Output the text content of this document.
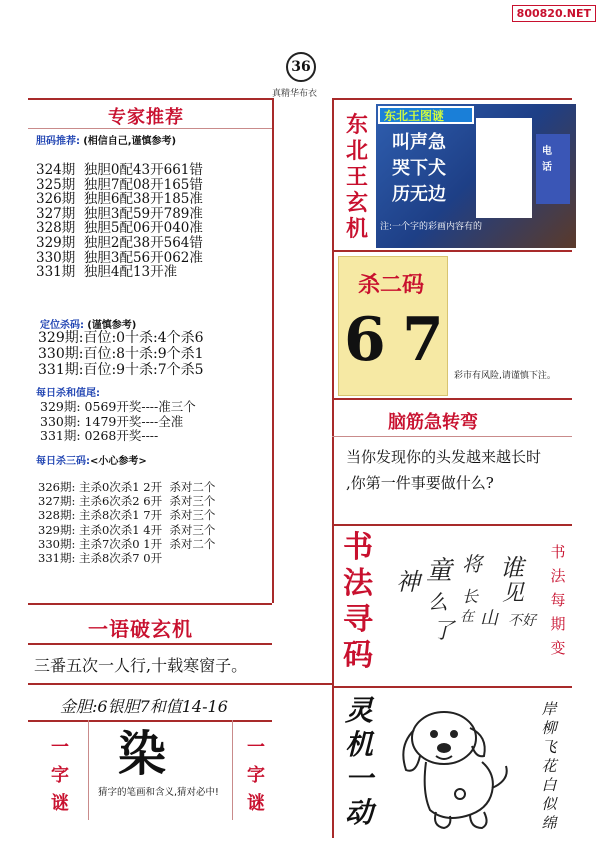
800820.NET
36
真精华布衣
专家推荐
胆码推荐: (相信自己,谨慎参考)
324期  独胆0配43开661错
325期  独胆7配08开165错
326期  独胆6配38开185准
327期  独胆3配59开789准
328期  独胆5配06开040准
329期  独胆2配38开564错
330期  独胆3配56开062准
331期  独胆4配13开准
定位杀码: (谨慎参考)
329期:百位:0十杀:4个杀6
330期:百位:8十杀:9个杀1
331期:百位:9十杀:7个杀5
每日杀和值尾:
329期: 0569开奖----准三个
330期: 1479开奖----全准
331期: 0268开奖----
每日杀三码:<小心参考>
326期: 主杀0次杀1 2开  杀对二个
327期: 主杀6次杀2 6开  杀对三个
328期: 主杀8次杀1 7开  杀对三个
329期: 主杀0次杀1 4开  杀对三个
330期: 主杀7次杀0 1开  杀对二个
331期: 主杀8次杀7 0开
一语破玄机
三番五次一人行,十载寒窗子。
金胆:6银胆7和值14-16
一
字
谜
染
猜字的笔画和含义,猜对必中!
一
字
谜
东
北
王
玄
机
东北王图谜
叫声急
哭下犬
历无边
电
话
注:一个字的彩画内容有的
杀二码
6 7
彩市有风险,请谨慎下注。
脑筋急转弯
当你发现你的头发越来越长时
,你第一件事要做什么?
书
法
寻
码
神 童
么
了
将
长
在 山
谁
见
不 好
书
法
每
期
变
灵
机
一
动
岸
柳
飞
花
白
似
绵
